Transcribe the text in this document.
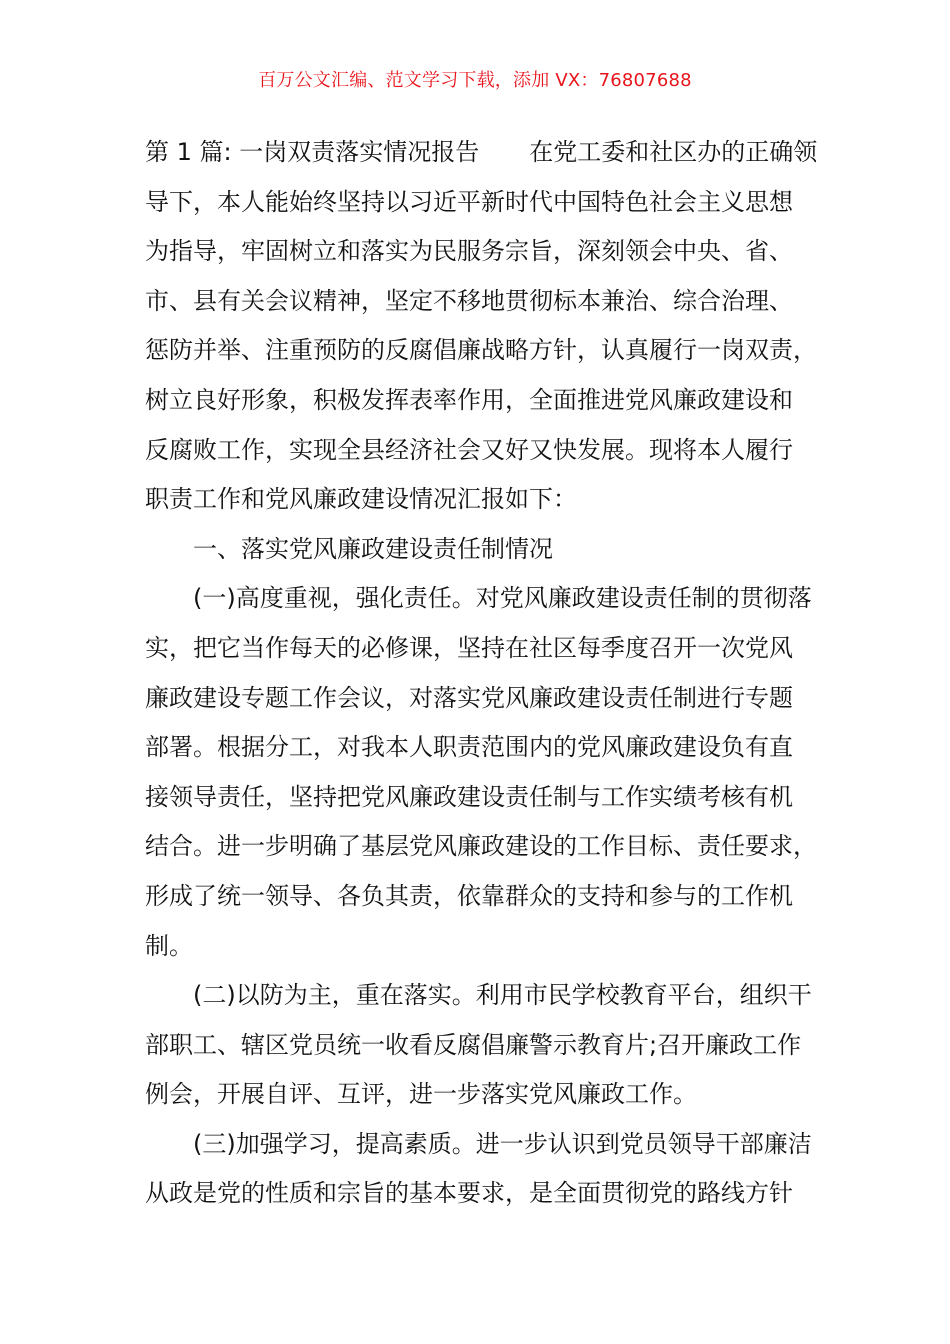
百万公文汇编、范文学习下载，添加 VX：76807688
第 1 篇: 一岗双责落实情况报告 在党工委和社区办的正确领
导下，本人能始终坚持以习近平新时代中国特色社会主义思想
为指导，牢固树立和落实为民服务宗旨，深刻领会中央、省、
市、县有关会议精神，坚定不移地贯彻标本兼治、综合治理、
惩防并举、注重预防的反腐倡廉战略方针，认真履行一岗双责，
树立良好形象，积极发挥表率作用，全面推进党风廉政建设和
反腐败工作，实现全县经济社会又好又快发展。现将本人履行
职责工作和党风廉政建设情况汇报如下：
　　一、落实党风廉政建设责任制情况
　　(一)高度重视，强化责任。对党风廉政建设责任制的贯彻落
实，把它当作每天的必修课，坚持在社区每季度召开一次党风
廉政建设专题工作会议，对落实党风廉政建设责任制进行专题
部署。根据分工，对我本人职责范围内的党风廉政建设负有直
接领导责任，坚持把党风廉政建设责任制与工作实绩考核有机
结合。进一步明确了基层党风廉政建设的工作目标、责任要求，
形成了统一领导、各负其责，依靠群众的支持和参与的工作机
制。
　　(二)以防为主，重在落实。利用市民学校教育平台，组织干
部职工、辖区党员统一收看反腐倡廉警示教育片;召开廉政工作
例会，开展自评、互评，进一步落实党风廉政工作。
　　(三)加强学习，提高素质。进一步认识到党员领导干部廉洁
从政是党的性质和宗旨的基本要求，是全面贯彻党的路线方针
